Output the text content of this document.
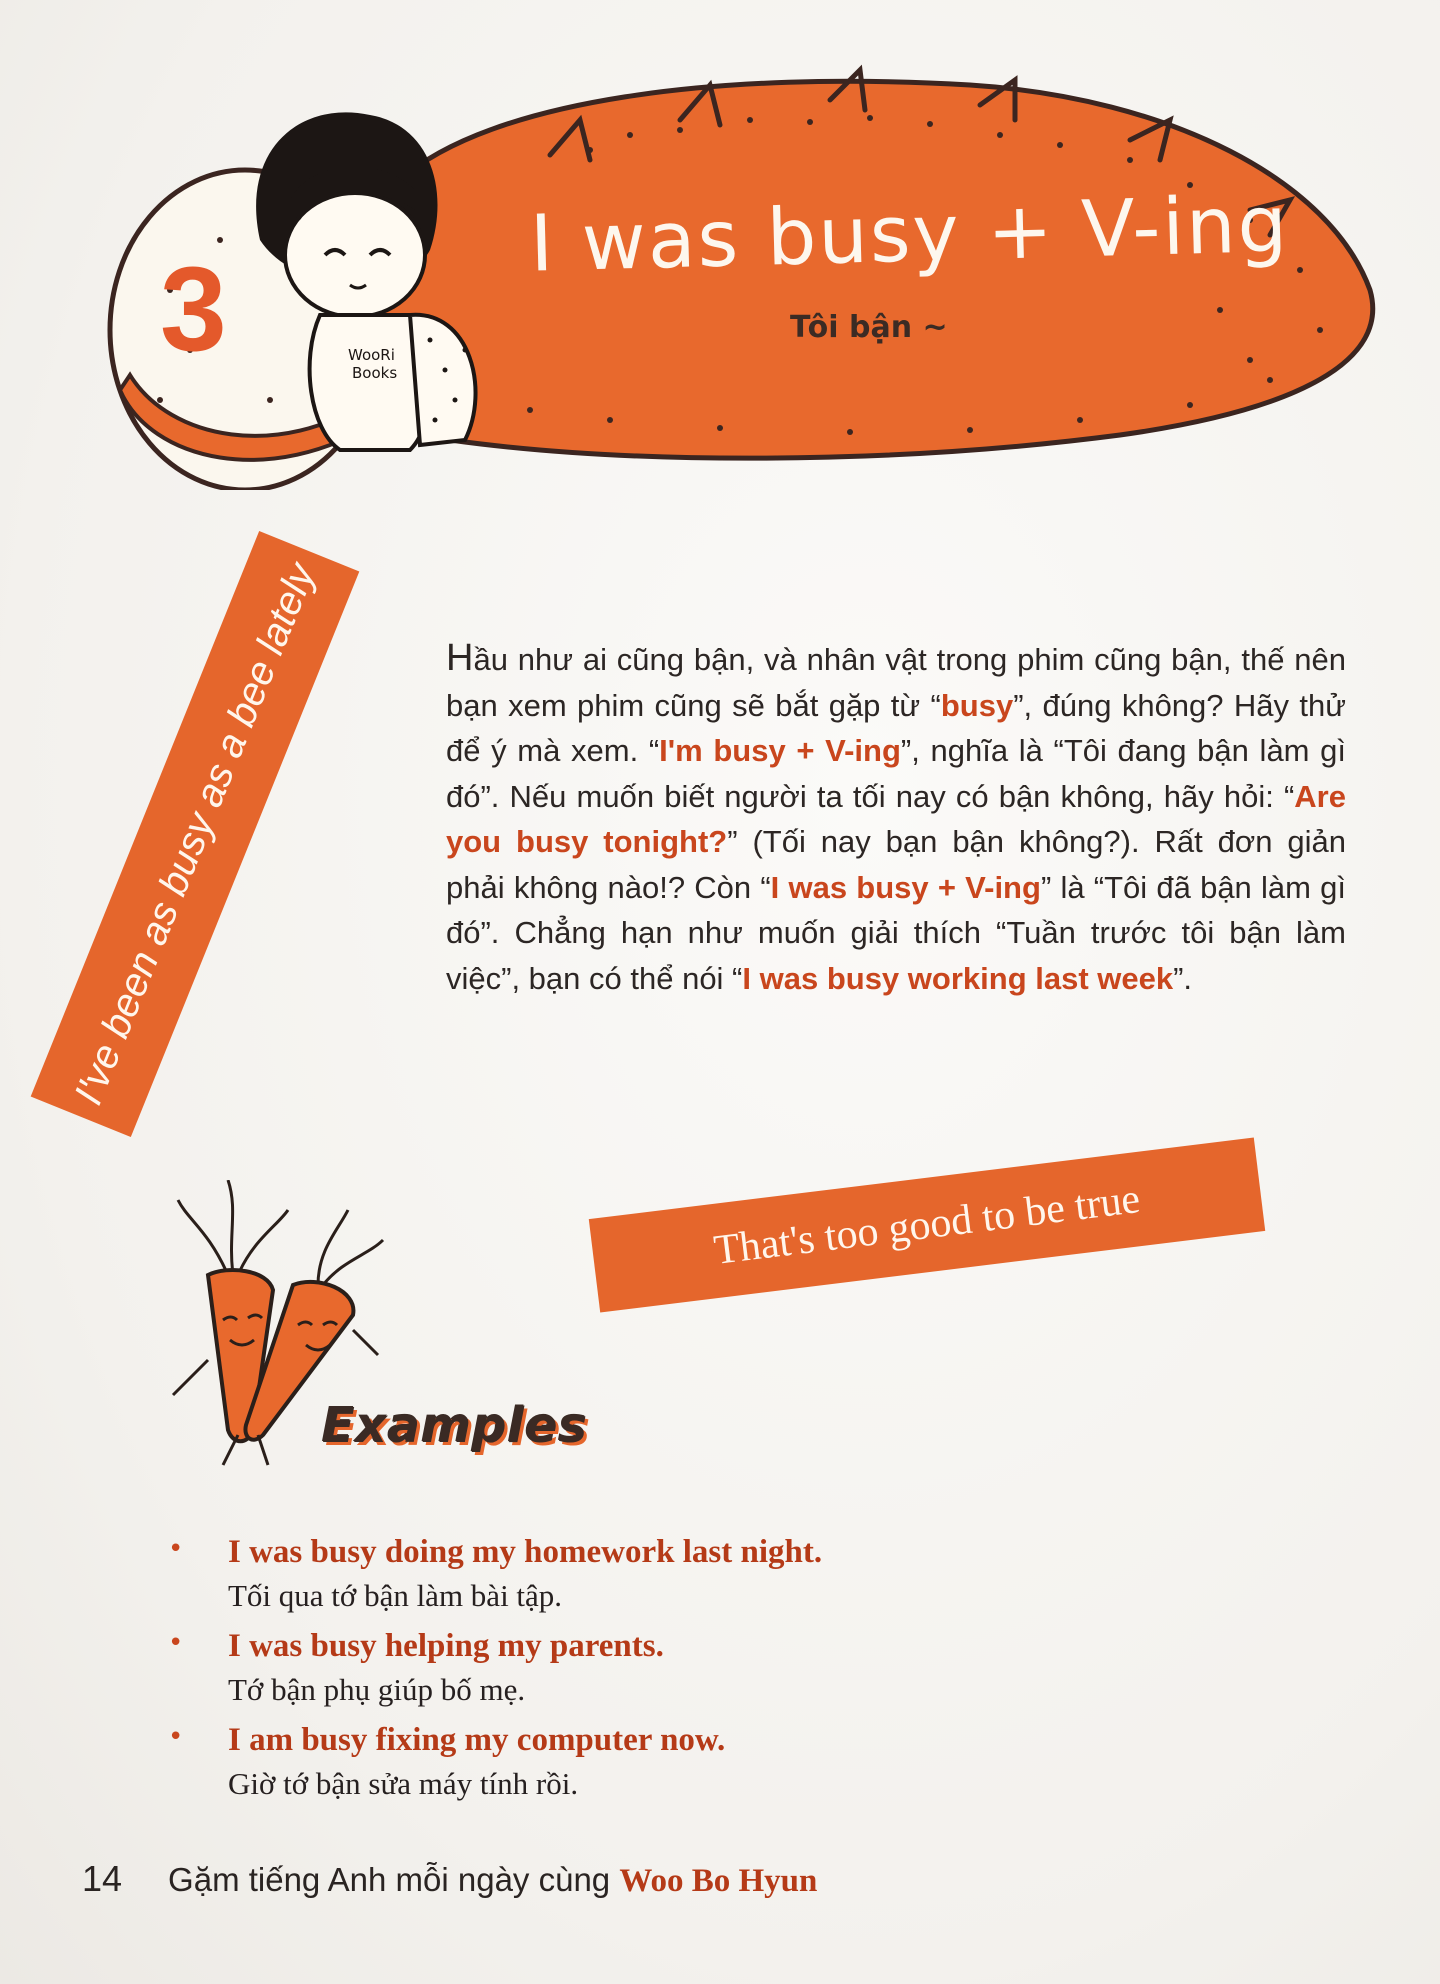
WooRi
Books
3
I was busy + V-ing
Tôi bận ~
I've been as busy as a bee lately	Hầu như ai cũng bận, và nhân vật trong phim cũng bận, thế nên bạn xem phim cũng sẽ bắt gặp từ “busy”, đúng không? Hãy thử để ý mà xem. “I'm busy + V-ing”, nghĩa là “Tôi đang bận làm gì đó”. Nếu muốn biết người ta tối nay có bận không, hãy hỏi: “Are you busy tonight?” (Tối nay bạn bận không?). Rất đơn giản phải không nào!? Còn “I was busy + V-ing” là “Tôi đã bận làm gì đó”. Chẳng hạn như muốn giải thích “Tuần trước tôi bận làm việc”, bạn có thể nói “I was busy working last week”.
That's too good to be true
Examples
• I was busy doing my homework last night.
Tối qua tớ bận làm bài tập.
• I was busy helping my parents.
Tớ bận phụ giúp bố mẹ.
• I am busy fixing my computer now.
Giờ tớ bận sửa máy tính rồi.
14 Gặm tiếng Anh mỗi ngày cùng Woo Bo Hyun
